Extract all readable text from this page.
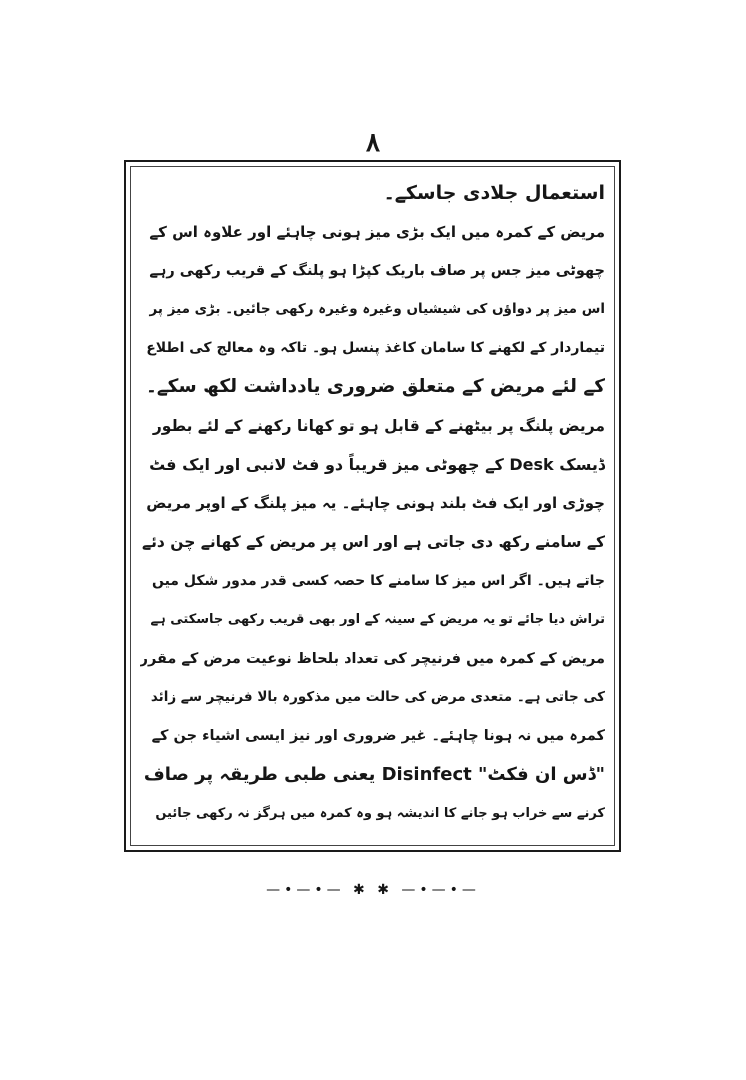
۸
استعمال جلادی جاسکے۔
مریض کے کمرہ میں ایک بڑی میز ہونی چاہئے اور علاوہ اس کے
چھوٹی میز جس پر صاف باریک کپڑا ہو پلنگ کے قریب رکھی رہے
اس میز پر دواؤں کی شیشیاں وغیرہ وغیرہ رکھی جائیں۔ بڑی میز پر
تیماردار کے لکھنے کا سامان کاغذ پنسل ہو۔ تاکہ وہ معالج کی اطلاع
کے لئے مریض کے متعلق ضروری یادداشت لکھ سکے۔
مریض پلنگ پر بیٹھنے کے قابل ہو تو کھانا رکھنے کے لئے بطور
ڈیسک Desk کے چھوٹی میز قریباً دو فٹ لانبی اور ایک فٹ
چوڑی اور ایک فٹ بلند ہونی چاہئے۔ یہ میز پلنگ کے اوپر مریض
کے سامنے رکھ دی جاتی ہے اور اس پر مریض کے کھانے چن دئے
جاتے ہیں۔ اگر اس میز کا سامنے کا حصہ کسی قدر مدور شکل میں
تراش دیا جائے تو یہ مریض کے سینہ کے اور بھی قریب رکھی جاسکتی ہے
مریض کے کمرہ میں فرنیچر کی تعداد بلحاظ نوعیت مرض کے مقرر
کی جاتی ہے۔ متعدی مرض کی حالت میں مذکورہ بالا فرنیچر سے زائد
کمرہ میں نہ ہونا چاہئے۔ غیر ضروری اور نیز ایسی اشیاء جن کے
"ڈس ان فکٹ" Disinfect یعنی طبی طریقہ پر صاف
کرنے سے خراب ہو جانے کا اندیشہ ہو وہ کمرہ میں ہرگز نہ رکھی جائیں
—•—•— ✱ ✱ —•—•—
